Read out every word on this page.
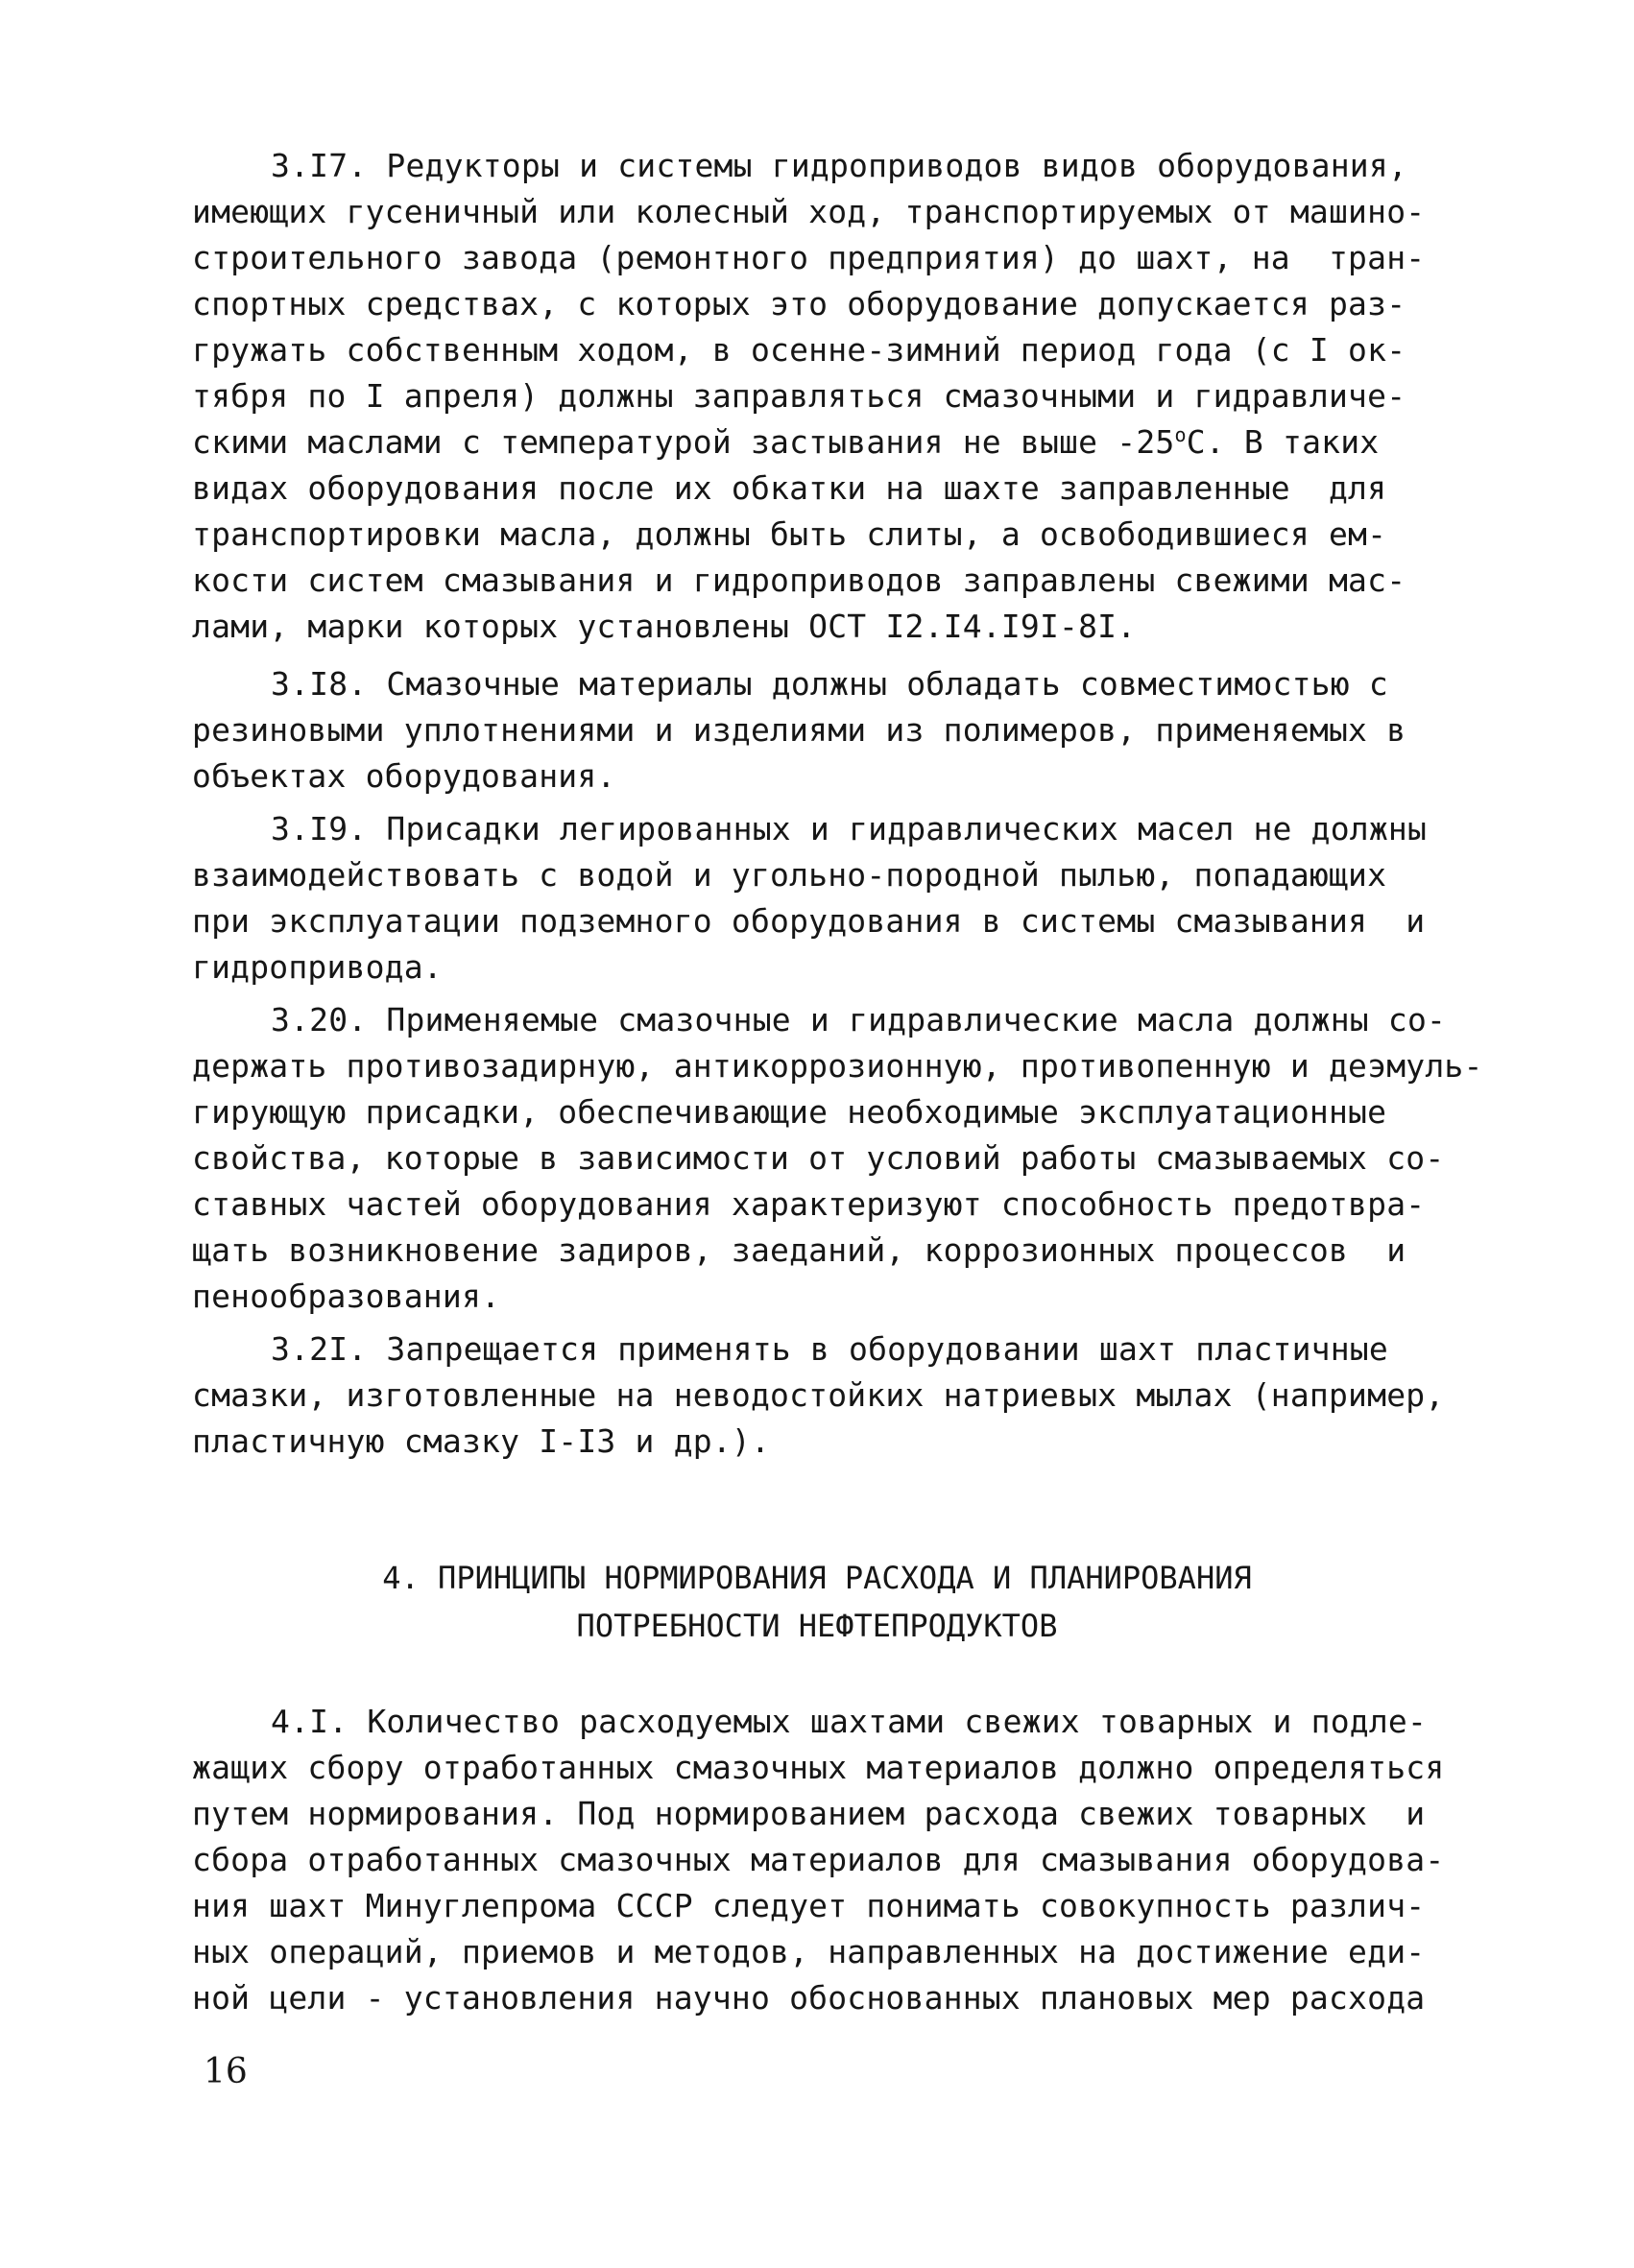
3.I7. Редукторы и системы гидроприводов видов оборудования,
имеющих гусеничный или колесный ход, транспортируемых от машино-
строительного завода (ремонтного предприятия) до шахт, на  тран-
спортных средствах, с которых это оборудование допускается раз-
гружать собственным ходом, в осенне-зимний период года (с I ок-
тября по I апреля) должны заправляться смазочными и гидравличе-
скими маслами с температурой застывания не выше $-25^оС$. В таких
видах оборудования после их обкатки на шахте заправленные  для
транспортировки масла, должны быть слиты, а освободившиеся ем-
кости систем смазывания и гидроприводов заправлены свежими мас-
лами, марки которых установлены ОСТ I2.I4.I9I-8I.
3.I8. Смазочные материалы должны обладать совместимостью с
резиновыми уплотнениями и изделиями из полимеров, применяемых в
объектах оборудования.
3.I9. Присадки легированных и гидравлических масел не должны
взаимодействовать с водой и угольно-породной пылью, попадающих
при эксплуатации подземного оборудования в системы смазывания  и
гидропривода.
3.20. Применяемые смазочные и гидравлические масла должны со-
держать противозадирную, антикоррозионную, противопенную и деэмуль-
гирующую присадки, обеспечивающие необходимые эксплуатационные
свойства, которые в зависимости от условий работы смазываемых со-
ставных частей оборудования характеризуют способность предотвра-
щать возникновение задиров, заеданий, коррозионных процессов  и
пенообразования.
3.2I. Запрещается применять в оборудовании шахт пластичные
смазки, изготовленные на неводостойких натриевых мылах (например,
пластичную смазку I-I3 и др.).
4. ПРИНЦИПЫ НОРМИРОВАНИЯ РАСХОДА И ПЛАНИРОВАНИЯ
ПОТРЕБНОСТИ НЕФТЕПРОДУКТОВ
4.I. Количество расходуемых шахтами свежих товарных и подле-
жащих сбору отработанных смазочных материалов должно определяться
путем нормирования. Под нормированием расхода свежих товарных  и
сбора отработанных смазочных материалов для смазывания оборудова-
ния шахт Минуглепрома СССР следует понимать совокупность различ-
ных операций, приемов и методов, направленных на достижение еди-
ной цели - установления научно обоснованных плановых мер расхода
16
